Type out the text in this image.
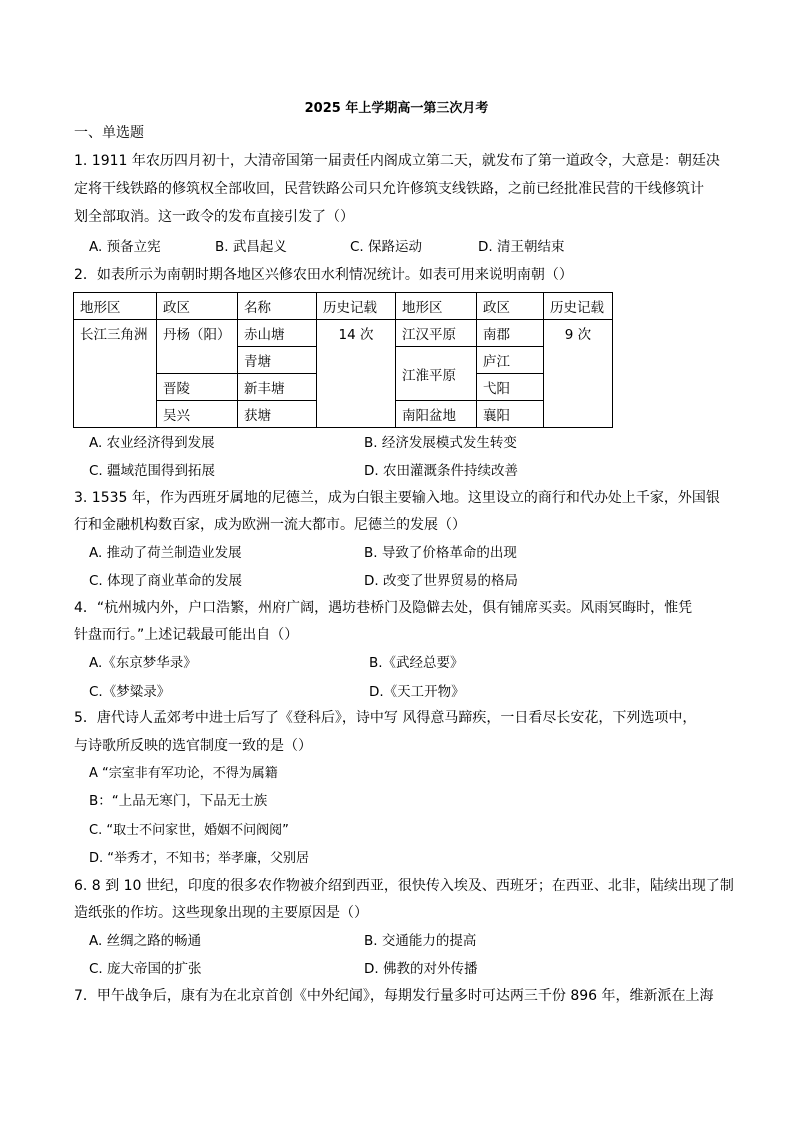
2025 年上学期高一第三次月考
一、单选题
1. 1911 年农历四月初十，大清帝国第一届责任内阁成立第二天，就发布了第一道政令，大意是：朝廷决
定将干线铁路的修筑权全部收回，民营铁路公司只允许修筑支线铁路，之前已经批准民营的干线修筑计
划全部取消。这一政令的发布直接引发了（）
A. 预备立宪	B. 武昌起义	C. 保路运动	D. 清王朝结束
2．如表所示为南朝时期各地区兴修农田水利情况统计。如表可用来说明南朝（）
地形区	政区	名称	历史记载	地形区	政区	历史记载
长江三角洲	丹杨（阳）	赤山塘	14 次	江汉平原	南郡	9 次
		青塘		江淮平原	庐江	
	晋陵	新丰塘			弋阳	
	吴兴	获塘		南阳盆地	襄阳	
A. 农业经济得到发展	B. 经济发展模式发生转变
C. 疆域范围得到拓展	D. 农田灌溉条件持续改善
3. 1535 年，作为西班牙属地的尼德兰，成为白银主要输入地。这里设立的商行和代办处上千家，外国银
行和金融机构数百家，成为欧洲一流大都市。尼德兰的发展（）
A. 推动了荷兰制造业发展	B. 导致了价格革命的出现
C. 体现了商业革命的发展	D. 改变了世界贸易的格局
4．“杭州城内外，户口浩繁，州府广阔，遇坊巷桥门及隐僻去处，俱有铺席买卖。风雨冥晦时，惟凭
针盘而行。”上述记载最可能出自（）
A.《东京梦华录》	B.《武经总要》
C.《梦粱录》	D.《天工开物》
5．唐代诗人孟郊考中进士后写了《登科后》，诗中写 风得意马蹄疾，一日看尽长安花，下列选项中，
与诗歌所反映的选官制度一致的是（）
A “宗室非有军功论，不得为属籍
B：“上品无寒门，下品无士族
C. “取士不问家世，婚姻不问阀阅”
D. “举秀才，不知书；举孝廉，父别居
6. 8 到 10 世纪，印度的很多农作物被介绍到西亚，很快传入埃及、西班牙；在西亚、北非，陆续出现了制
造纸张的作坊。这些现象出现的主要原因是（）
A. 丝绸之路的畅通	B. 交通能力的提高
C. 庞大帝国的扩张	D. 佛教的对外传播
7．甲午战争后，康有为在北京首创《中外纪闻》，每期发行量多时可达两三千份 896 年，维新派在上海
